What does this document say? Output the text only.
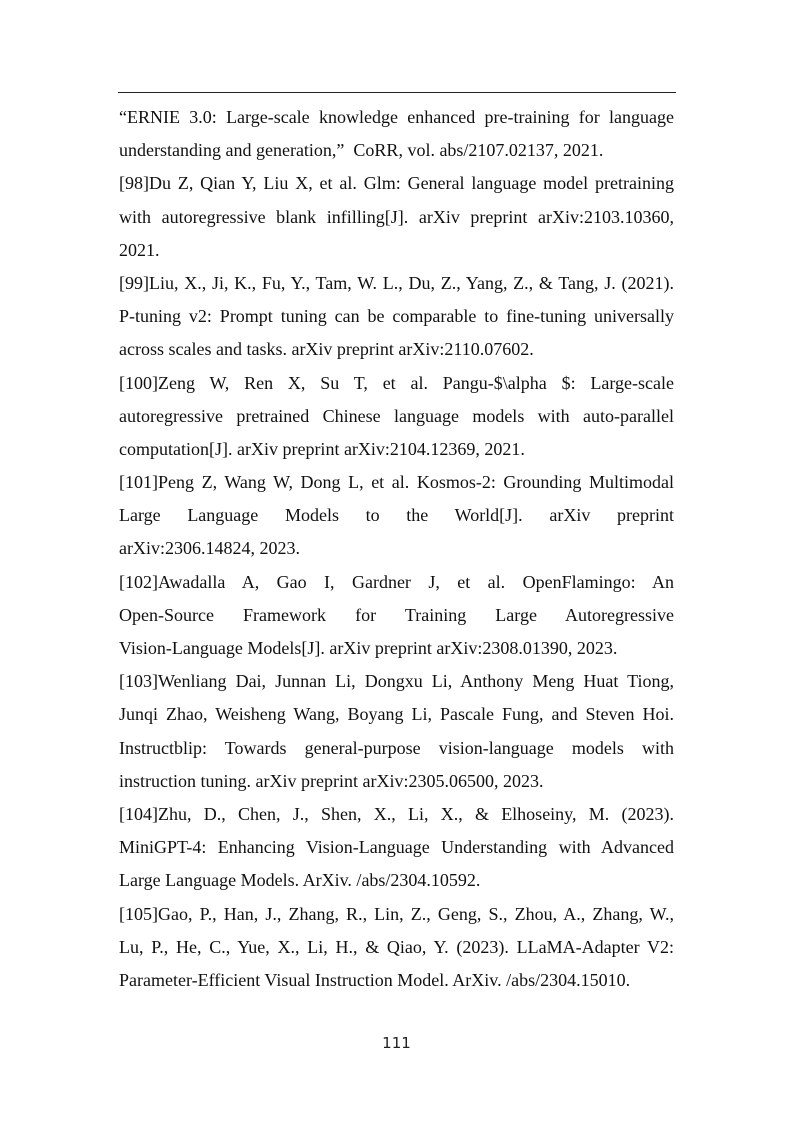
“ERNIE 3.0: Large-scale knowledge enhanced pre-training for language
understanding and generation,”  CoRR, vol. abs/2107.02137, 2021.
[98]Du Z, Qian Y, Liu X, et al. Glm: General language model pretraining
with autoregressive blank infilling[J]. arXiv preprint arXiv:2103.10360,
2021.
[99]Liu, X., Ji, K., Fu, Y., Tam, W. L., Du, Z., Yang, Z., & Tang, J. (2021).
P-tuning v2: Prompt tuning can be comparable to fine-tuning universally
across scales and tasks. arXiv preprint arXiv:2110.07602.
[100]Zeng W, Ren X, Su T, et al. Pangu-$\alpha $: Large-scale
autoregressive pretrained Chinese language models with auto-parallel
computation[J]. arXiv preprint arXiv:2104.12369, 2021.
[101]Peng Z, Wang W, Dong L, et al. Kosmos-2: Grounding Multimodal
Large Language Models to the World[J]. arXiv preprint
arXiv:2306.14824, 2023.
[102]Awadalla A, Gao I, Gardner J, et al. OpenFlamingo: An
Open-Source Framework for Training Large Autoregressive
Vision-Language Models[J]. arXiv preprint arXiv:2308.01390, 2023.
[103]Wenliang Dai, Junnan Li, Dongxu Li, Anthony Meng Huat Tiong,
Junqi Zhao, Weisheng Wang, Boyang Li, Pascale Fung, and Steven Hoi.
Instructblip: Towards general-purpose vision-language models with
instruction tuning. arXiv preprint arXiv:2305.06500, 2023.
[104]Zhu, D., Chen, J., Shen, X., Li, X., & Elhoseiny, M. (2023).
MiniGPT-4: Enhancing Vision-Language Understanding with Advanced
Large Language Models. ArXiv. /abs/2304.10592.
[105]Gao, P., Han, J., Zhang, R., Lin, Z., Geng, S., Zhou, A., Zhang, W.,
Lu, P., He, C., Yue, X., Li, H., & Qiao, Y. (2023). LLaMA-Adapter V2:
Parameter-Efficient Visual Instruction Model. ArXiv. /abs/2304.15010.
111
